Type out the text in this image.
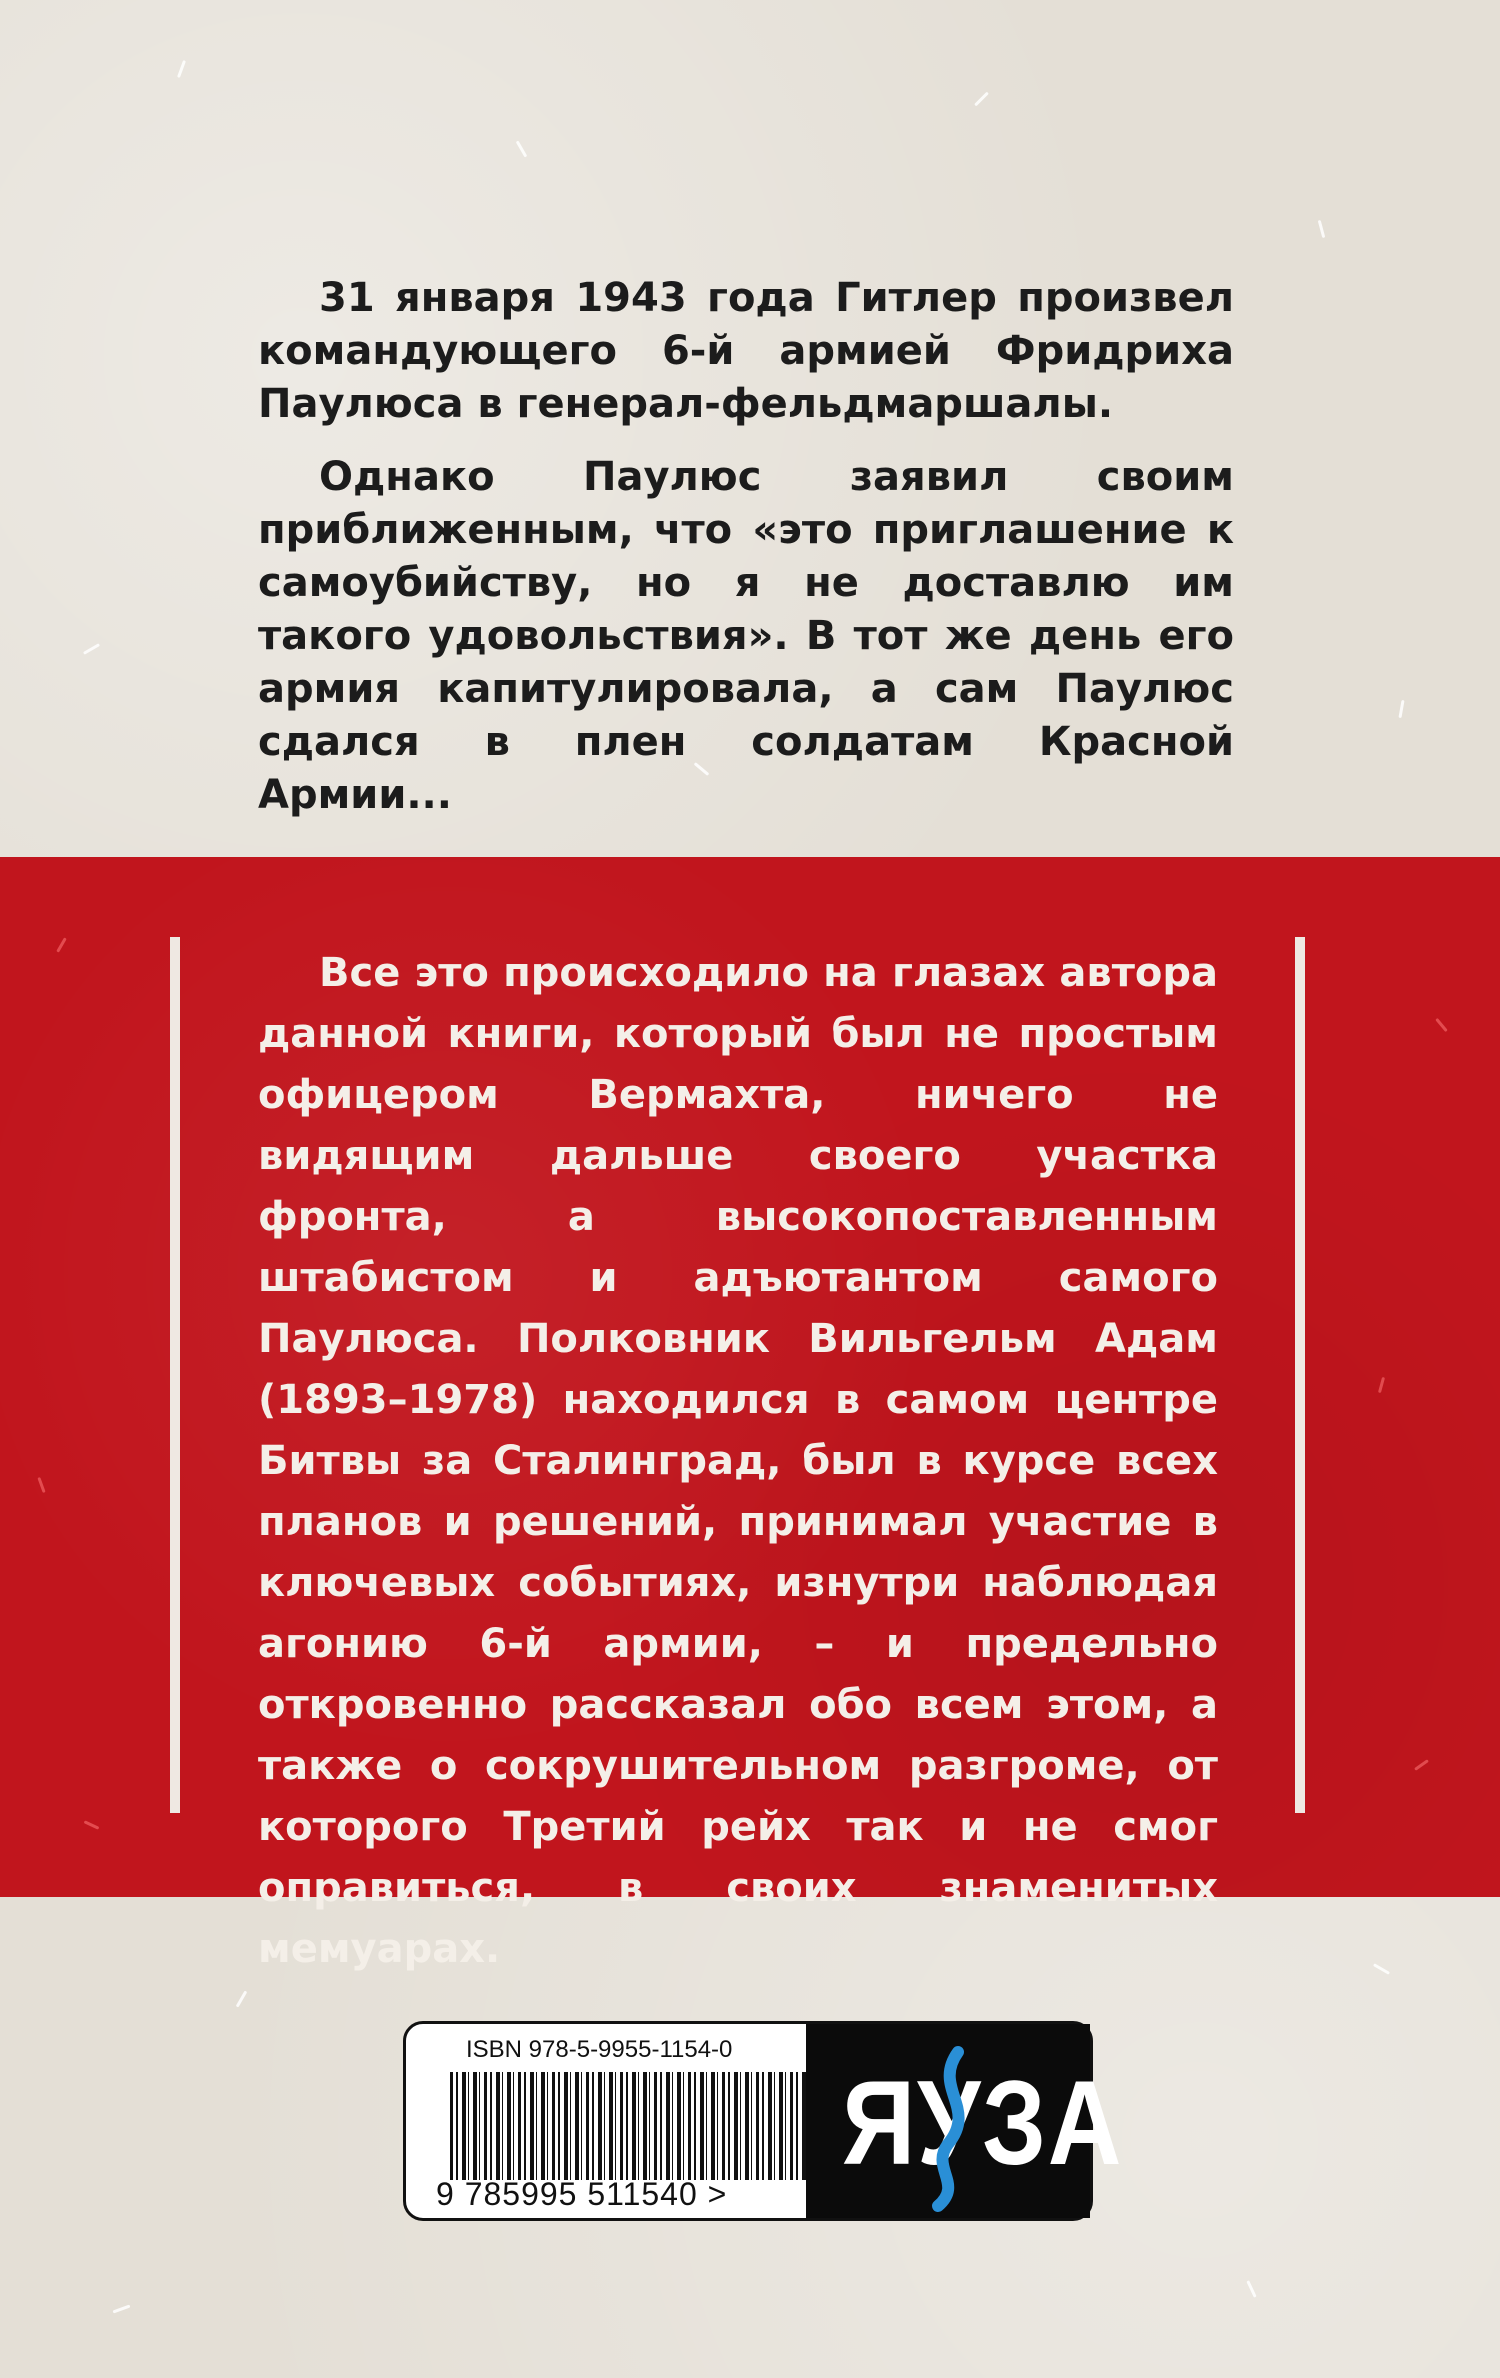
31 января 1943 года Гитлер произвел командующего 6-й армией Фридриха Паулюса в генерал-фельдмаршалы.

Однако Паулюс заявил своим приближенным, что «это приглашение к самоубийству, но я не доставлю им такого удовольствия». В тот же день его армия капитулировала, а сам Паулюс сдался в плен солдатам Красной Армии...

Все это происходило на глазах автора данной книги, который был не простым офицером Вермахта, ничего не видящим дальше своего участка фронта, а высокопоставленным штабистом и адъютантом самого Паулюса. Полковник Вильгельм Адам (1893–1978) находился в самом центре Битвы за Сталинград, был в курсе всех планов и решений, принимал участие в ключевых событиях, изнутри наблюдая агонию 6-й армии, – и предельно откровенно рассказал обо всем этом, а также о сокрушительном разгроме, от которого Третий рейх так и не смог оправиться, в своих знаменитых мемуарах.

ISBN 978-5-9955-1154-0
9 785995 511540 >
ЯУЗА
